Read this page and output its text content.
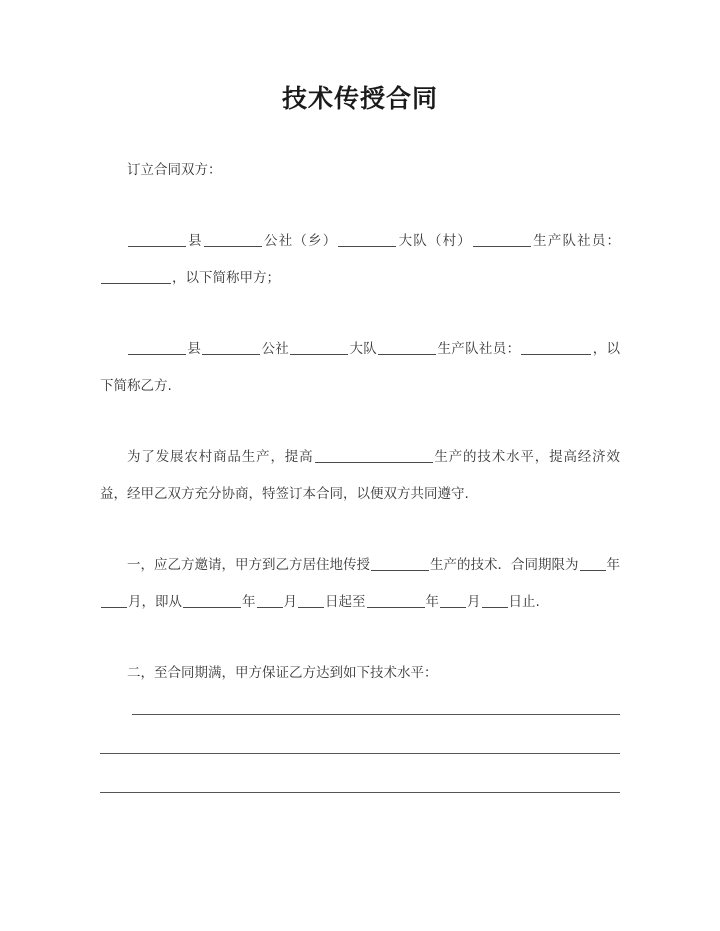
技术传授合同

订立合同双方：

县	公社（乡）	大队（村）	生产队社员：，以下简称甲方；

县	公社	大队	生产队社员：	，以下简称乙方.

为了发展农村商品生产，提高	生产的技术水平，提高经济效益，经甲乙双方充分协商，特签订本合同，以便双方共同遵守.

一，应乙方邀请，甲方到乙方居住地传授	生产的技术．合同期限为 年月，即从	年 月 日起至	年 月 日止.

二，至合同期满，甲方保证乙方达到如下技术水平：
